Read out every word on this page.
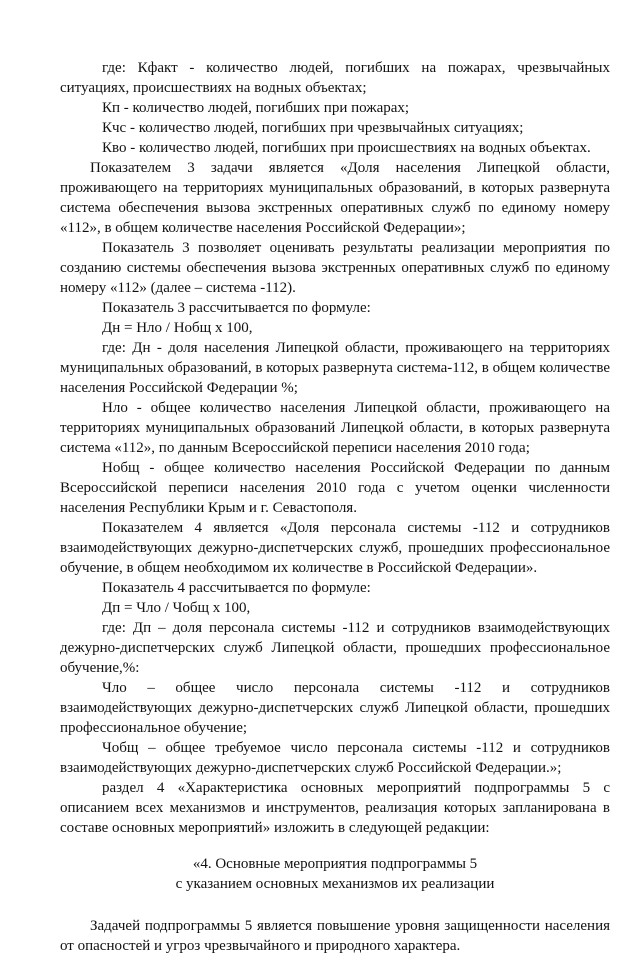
где: Кфакт - количество людей, погибших на пожарах, чрезвычайных ситуациях, происшествиях на водных объектах;

Кп - количество людей, погибших при пожарах;

Кчс - количество людей, погибших при чрезвычайных ситуациях;

Кво - количество людей, погибших при происшествиях на водных объектах.

Показателем 3 задачи является «Доля населения Липецкой области, проживающего на территориях муниципальных образований, в которых развернута система обеспечения вызова экстренных оперативных служб по единому номеру «112», в общем количестве населения Российской Федерации»;

Показатель 3 позволяет оценивать результаты реализации мероприятия по созданию системы обеспечения вызова экстренных оперативных служб по единому номеру «112» (далее – система -112).

Показатель 3 рассчитывается по формуле:

Дн = Нло / Нобщ х 100,

где: Дн - доля населения Липецкой области, проживающего на территориях муниципальных образований, в которых развернута система-112, в общем количестве населения Российской Федерации %;

Нло - общее количество населения Липецкой области, проживающего на территориях муниципальных образований Липецкой области, в которых развернута система «112», по данным Всероссийской переписи населения 2010 года;

Нобщ - общее количество населения Российской Федерации по данным Всероссийской переписи населения 2010 года с учетом оценки численности населения Республики Крым и г. Севастополя.

Показателем 4 является «Доля персонала системы -112 и сотрудников взаимодействующих дежурно-диспетчерских служб, прошедших профессиональное обучение, в общем необходимом их количестве в Российской Федерации».

Показатель 4 рассчитывается по формуле:

Дп = Чло / Чобщ х 100,

где: Дп – доля персонала системы -112 и сотрудников взаимодействующих дежурно-диспетчерских служб Липецкой области, прошедших профессиональное обучение,%:

Чло – общее число персонала системы -112 и сотрудников взаимодействующих дежурно-диспетчерских служб Липецкой области, прошедших профессиональное обучение;

Чобщ – общее требуемое число персонала системы -112 и сотрудников взаимодействующих дежурно-диспетчерских служб Российской Федерации.»;

раздел 4 «Характеристика основных мероприятий подпрограммы 5 с описанием всех механизмов и инструментов, реализация которых запланирована в составе основных мероприятий» изложить в следующей редакции:

«4. Основные мероприятия подпрограммы 5

с указанием основных механизмов их реализации

Задачей подпрограммы 5 является повышение уровня защищенности населения от опасностей и угроз чрезвычайного и природного характера.
